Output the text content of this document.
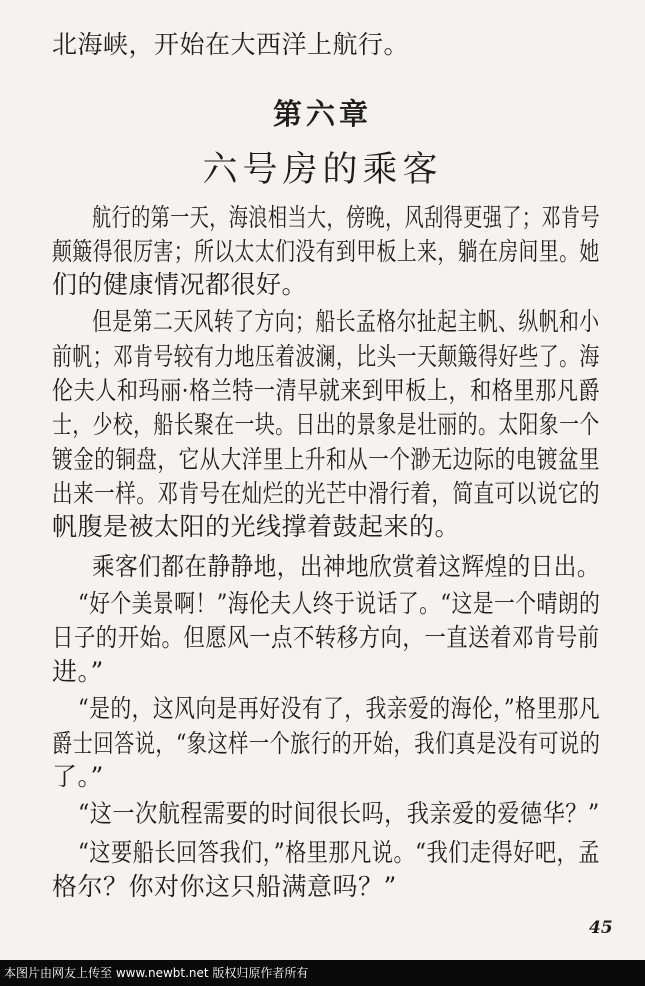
北海峡，开始在大西洋上航行。
第六章
六号房的乘客
航行的第一天，海浪相当大，傍晚，风刮得更强了；邓肯号
颠簸得很厉害；所以太太们没有到甲板上来，躺在房间里。她
们的健康情况都很好。
但是第二天风转了方向；船长孟格尔扯起主帆、纵帆和小
前帆；邓肯号较有力地压着波澜，比头一天颠簸得好些了。海
伦夫人和玛丽·格兰特一清早就来到甲板上，和格里那凡爵
士，少校，船长聚在一块。日出的景象是壮丽的。太阳象一个
镀金的铜盘，它从大洋里上升和从一个渺无边际的电镀盆里
出来一样。邓肯号在灿烂的光芒中滑行着，简直可以说它的
帆腹是被太阳的光线撑着鼓起来的。
乘客们都在静静地，出神地欣赏着这辉煌的日出。
“好个美景啊！”海伦夫人终于说话了。“这是一个晴朗的
日子的开始。但愿风一点不转移方向，一直送着邓肯号前
进。”
“是的，这风向是再好没有了，我亲爱的海伦，”格里那凡
爵士回答说，“象这样一个旅行的开始，我们真是没有可说的
了。”
“这一次航程需要的时间很长吗，我亲爱的爱德华？”
“这要船长回答我们，”格里那凡说。“我们走得好吧，孟
格尔？你对你这只船满意吗？”
45
本图片由网友上传至 www.newbt.net 版权归原作者所有
